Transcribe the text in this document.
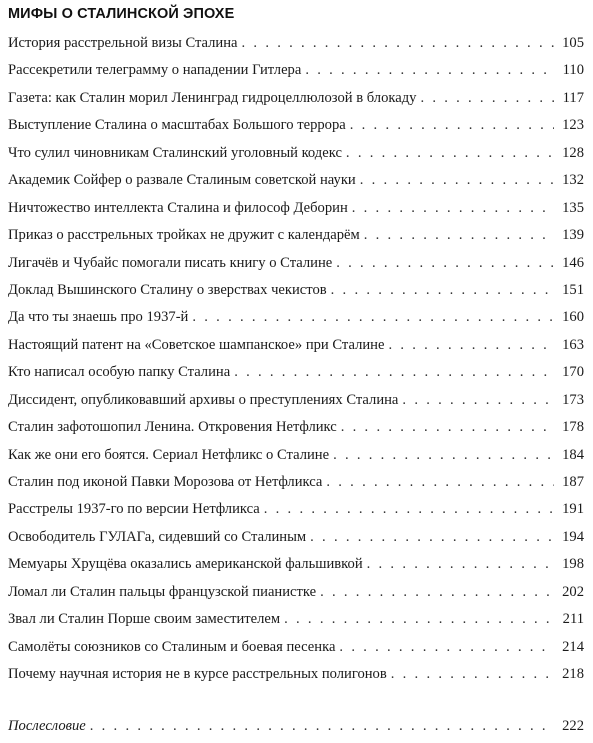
МИФЫ О СТАЛИНСКОЙ ЭПОХЕ
История расстрельной визы Сталина . . .	105
Рассекретили телеграмму о нападении Гитлера . . .	110
Газета: как Сталин морил Ленинград гидроцеллюлозой в блокаду . . .	117
Выступление Сталина о масштабах Большого террора . . .	123
Что сулил чиновникам Сталинский уголовный кодекс . . .	128
Академик Сойфер о развале Сталиным советской науки . . .	132
Ничтожество интеллекта Сталина и философ Деборин . . .	135
Приказ о расстрельных тройках не дружит с календарём . . .	139
Лигачёв и Чубайс помогали писать книгу о Сталине . . .	146
Доклад Вышинского Сталину о зверствах чекистов . . .	151
Да что ты знаешь про 1937-й . . .	160
Настоящий патент на «Советское шампанское» при Сталине . . .	163
Кто написал особую папку Сталина . . .	170
Диссидент, опубликовавший архивы о преступлениях Сталина . . .	173
Сталин зафотошопил Ленина. Откровения Нетфликс . . .	178
Как же они его боятся. Сериал Нетфликс о Сталине . . .	184
Сталин под иконой Павки Морозова от Нетфликса . . .	187
Расстрелы 1937-го по версии Нетфликса . . .	191
Освободитель ГУЛАГа, сидевший со Сталиным . . .	194
Мемуары Хрущёва оказались американской фальшивкой . . .	198
Ломал ли Сталин пальцы французской пианистке . . .	202
Звал ли Сталин Порше своим заместителем . . .	211
Самолёты союзников со Сталиным и боевая песенка . . .	214
Почему научная история не в курсе расстрельных полигонов . . .	218
Послесловие . . .	222
